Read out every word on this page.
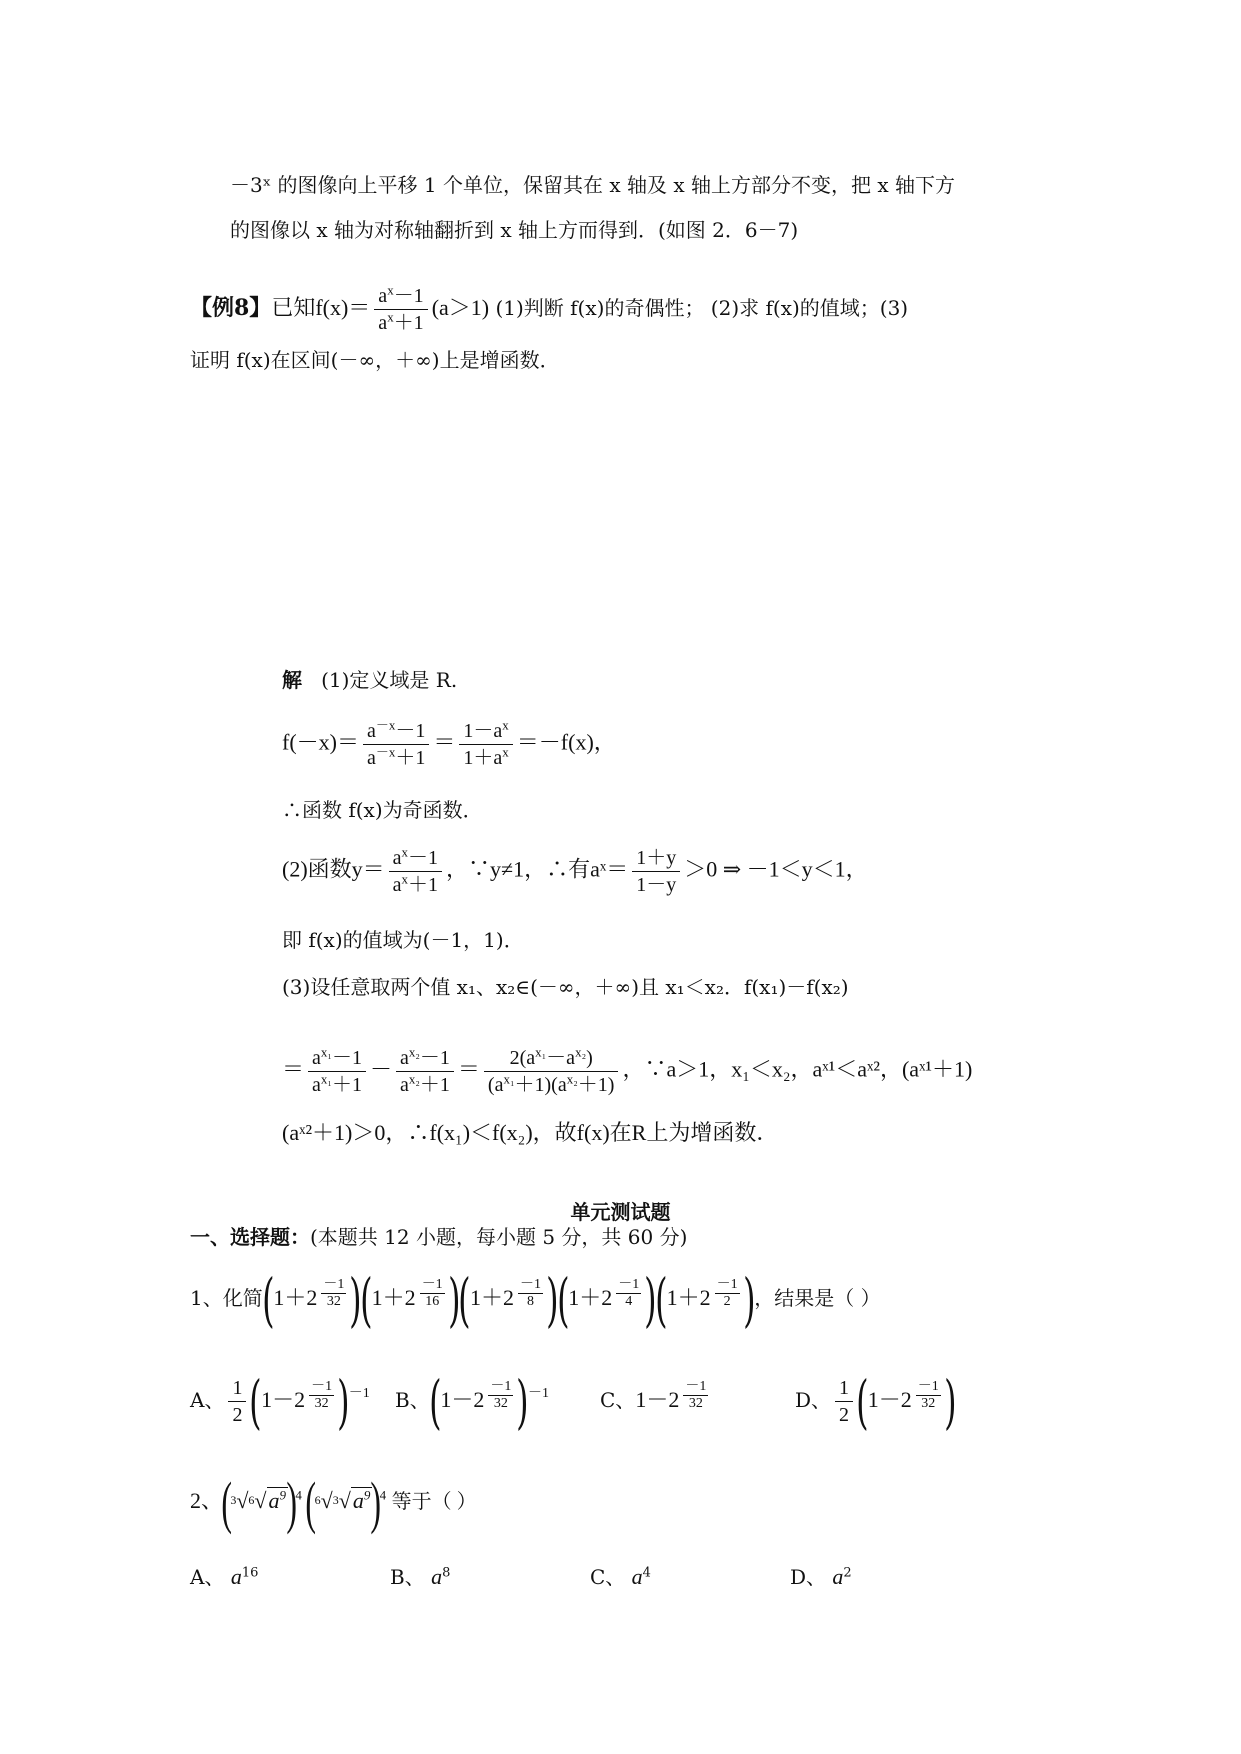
－3ˣ 的图像向上平移 1 个单位，保留其在 x 轴及 x 轴上方部分不变，把 x 轴下方
的图像以 x 轴为对称轴翻折到 x 轴上方而得到．(如图 2．6－7)
【例8】已知$f(x)= \frac{a^x-1}{a^x+1} (a>1)$ (1)判断 f(x)的奇偶性； (2)求 f(x)的值域；(3)
证明 f(x)在区间(－∞，＋∞)上是增函数．
解 (1)定义域是 R.
$f(-x)= \frac{a^{-x}-1}{a^{-x}+1} = \frac{1-a^x}{1+a^x} =-f(x)$，
∴函数 f(x)为奇函数．
(2)函数$y= \frac{a^x-1}{a^x+1}$ ，∵y≠1，∴有aˣ＝ $\frac{1+y}{1-y} >0$ ⇒ －1＜y＜1，
即 f(x)的值域为(－1，1)．
(3)设任意取两个值 x₁、x₂∈(－∞，＋∞)且 x₁＜x₂．f(x₁)－f(x₂)
＝ $\frac{a^{x_1}-1}{a^{x_1}+1} - \frac{a^{x_2}-1}{a^{x_2}+1} = \frac{2(a^{x_1}-a^{x_2})}{(a^{x_1}+1)(a^{x_2}+1)}$ ，∵a＞1，x₁＜x₂，aˣ¹＜aˣ²，(aˣ¹＋1)
(aˣ²＋1)＞0，∴f(x₁)＜f(x₂)，故f(x)在R上为增函数．
单元测试题
一、选择题：(本题共 12 小题，每小题 5 分，共 60 分)
1、化简$(1+2 \frac{-1}{32} )(1+2 \frac{-1}{16} )(1+2 \frac{-1}{8} )(1+2 \frac{-1}{4} )(1+2 \frac{-1}{2}$ )，结果是（ ）
A、 $\frac{1}{2} (1-2 \frac{-1}{32} )-1$ B、$(1-2 \frac{-1}{32} )-1$	C、$1-2 \frac{-1}{32}$	D、 $\frac{1}{2} (1-2 \frac{-1}{32}$ )
2、$(^3√^6√a^9)^4$ $(^6√^3√a^9)^4$ 等于（ ）
A、 $a^{16}$	B、 $a^8$	C、 $a^4$	D、 $a^2$
